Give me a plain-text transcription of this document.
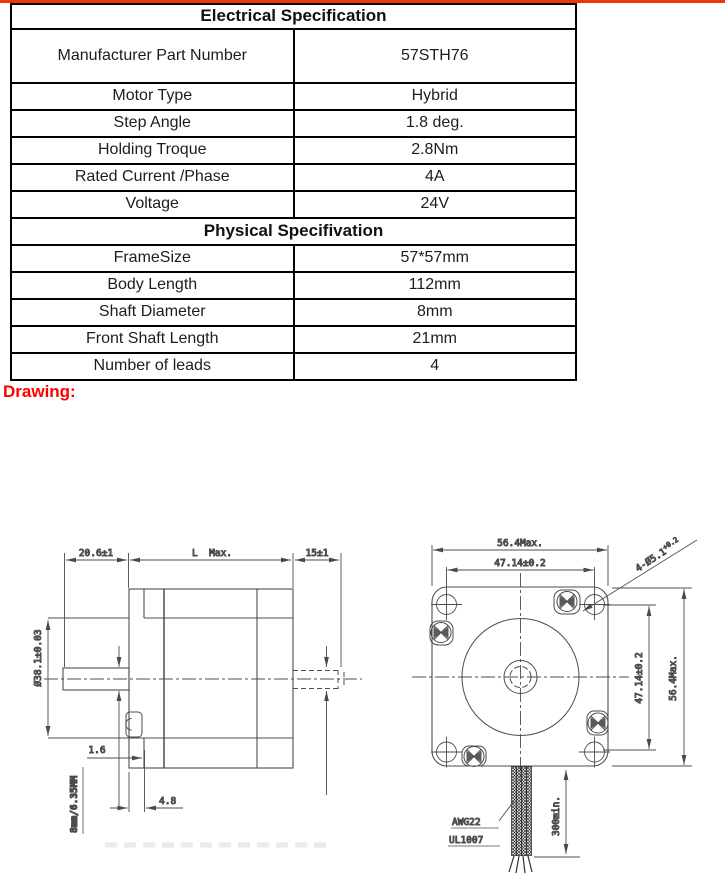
Electrical Specification	
Manufacturer Part Number	57STH76
Motor Type	Hybrid
Step Angle	1.8 deg.
Holding Troque	2.8Nm
Rated Current /Phase	4A
Voltage	24V
Physical Specifivation	
FrameSize	57*57mm
Body Length	112mm
Shaft Diameter	8mm
Front Shaft Length	21mm
Number of leads	4
Drawing:
20.6±1	L  Max.	15±1
Ø38.1±0.03
8mm/6.35MM
1.6
4.8
56.4Max.
47.14±0.2	$4-Ø5.1^{+0.2}$
47.14±0.2 56.4Max.
300min.
AWG22
UL1007
